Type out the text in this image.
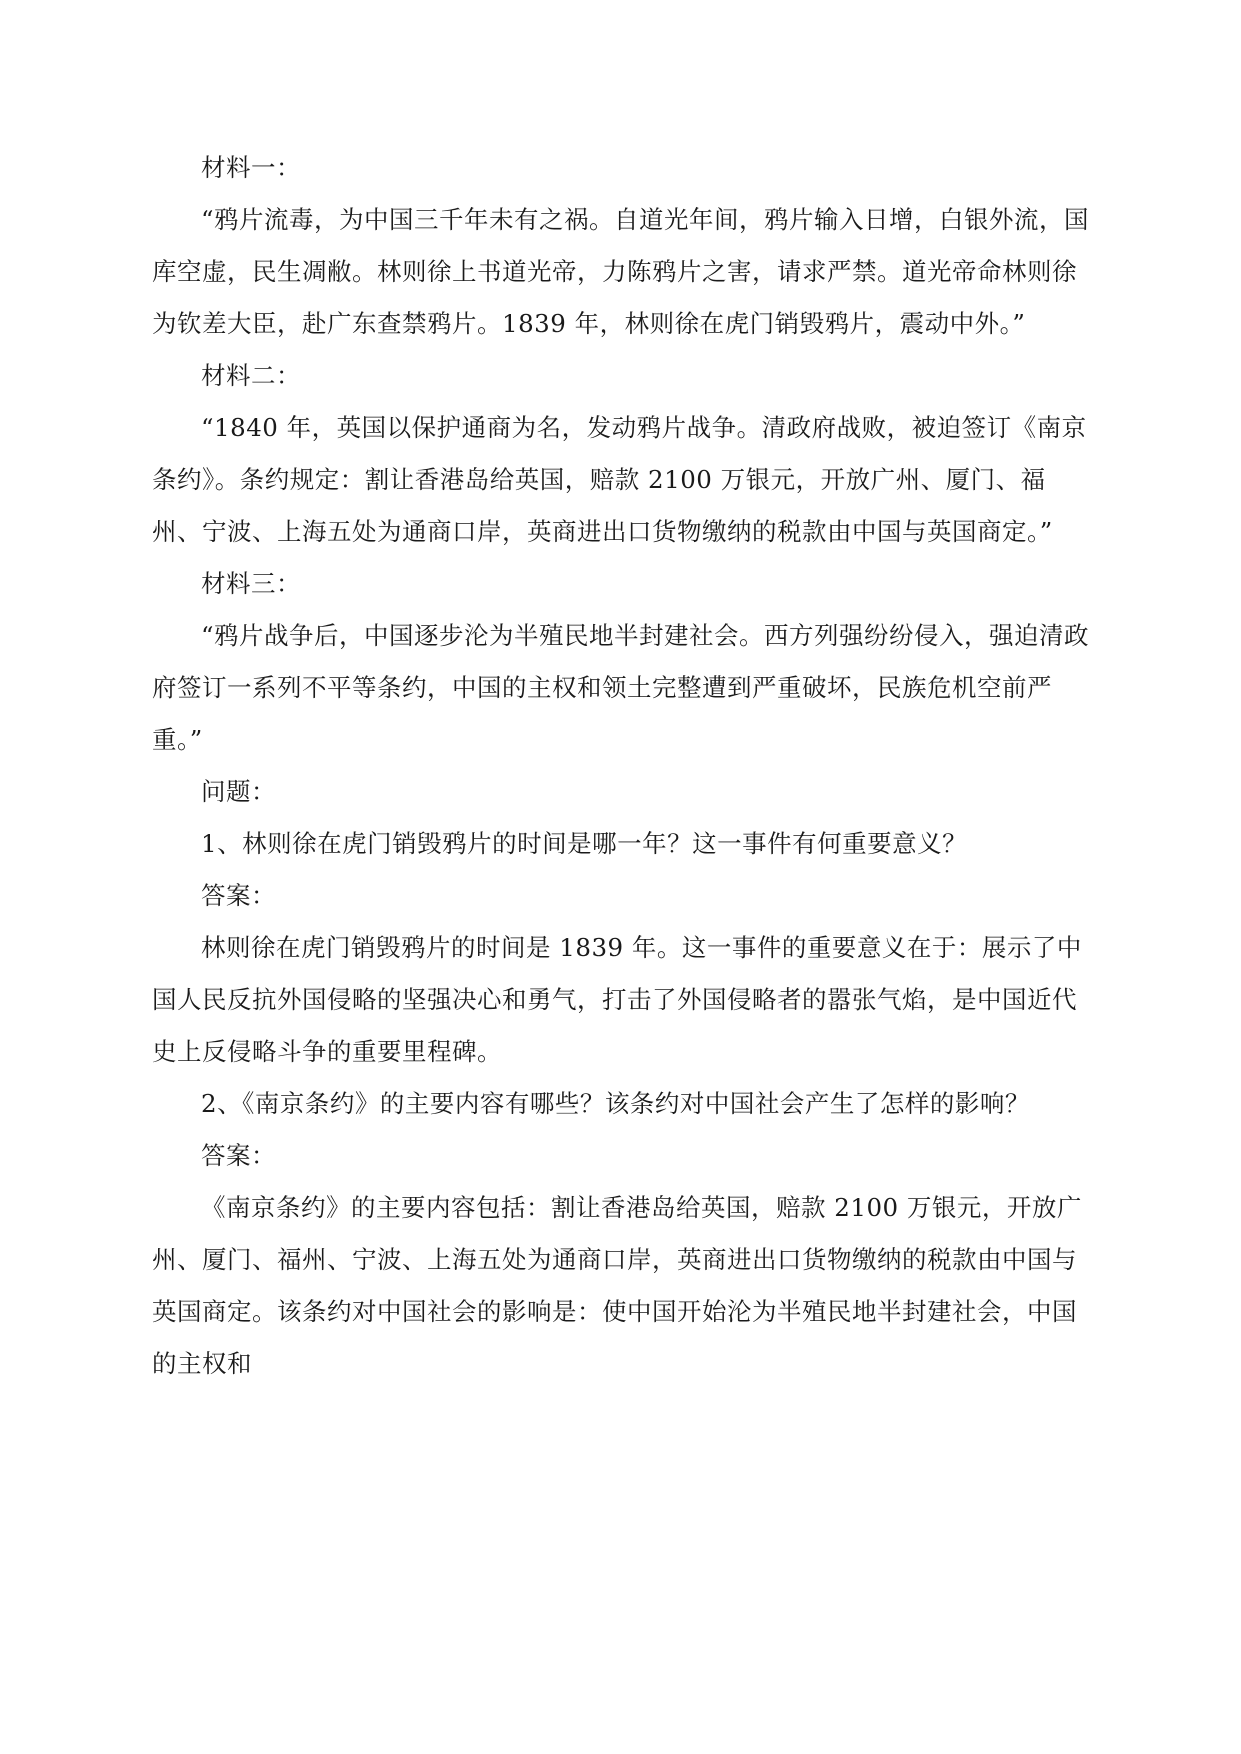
材料一：

“鸦片流毒，为中国三千年未有之祸。自道光年间，鸦片输入日增，白银外流，国库空虚，民生凋敝。林则徐上书道光帝，力陈鸦片之害，请求严禁。道光帝命林则徐为钦差大臣，赴广东查禁鸦片。1839 年，林则徐在虎门销毁鸦片，震动中外。”

材料二：

“1840 年，英国以保护通商为名，发动鸦片战争。清政府战败，被迫签订《南京条约》。条约规定：割让香港岛给英国，赔款 2100 万银元，开放广州、厦门、福州、宁波、上海五处为通商口岸，英商进出口货物缴纳的税款由中国与英国商定。”

材料三：

“鸦片战争后，中国逐步沦为半殖民地半封建社会。西方列强纷纷侵入，强迫清政府签订一系列不平等条约，中国的主权和领土完整遭到严重破坏，民族危机空前严重。”

问题：

1、林则徐在虎门销毁鸦片的时间是哪一年？这一事件有何重要意义？

答案：

林则徐在虎门销毁鸦片的时间是 1839 年。这一事件的重要意义在于：展示了中国人民反抗外国侵略的坚强决心和勇气，打击了外国侵略者的嚣张气焰，是中国近代史上反侵略斗争的重要里程碑。

2、《南京条约》的主要内容有哪些？该条约对中国社会产生了怎样的影响？

答案：

《南京条约》的主要内容包括：割让香港岛给英国，赔款 2100 万银元，开放广州、厦门、福州、宁波、上海五处为通商口岸，英商进出口货物缴纳的税款由中国与英国商定。该条约对中国社会的影响是：使中国开始沦为半殖民地半封建社会，中国的主权和
